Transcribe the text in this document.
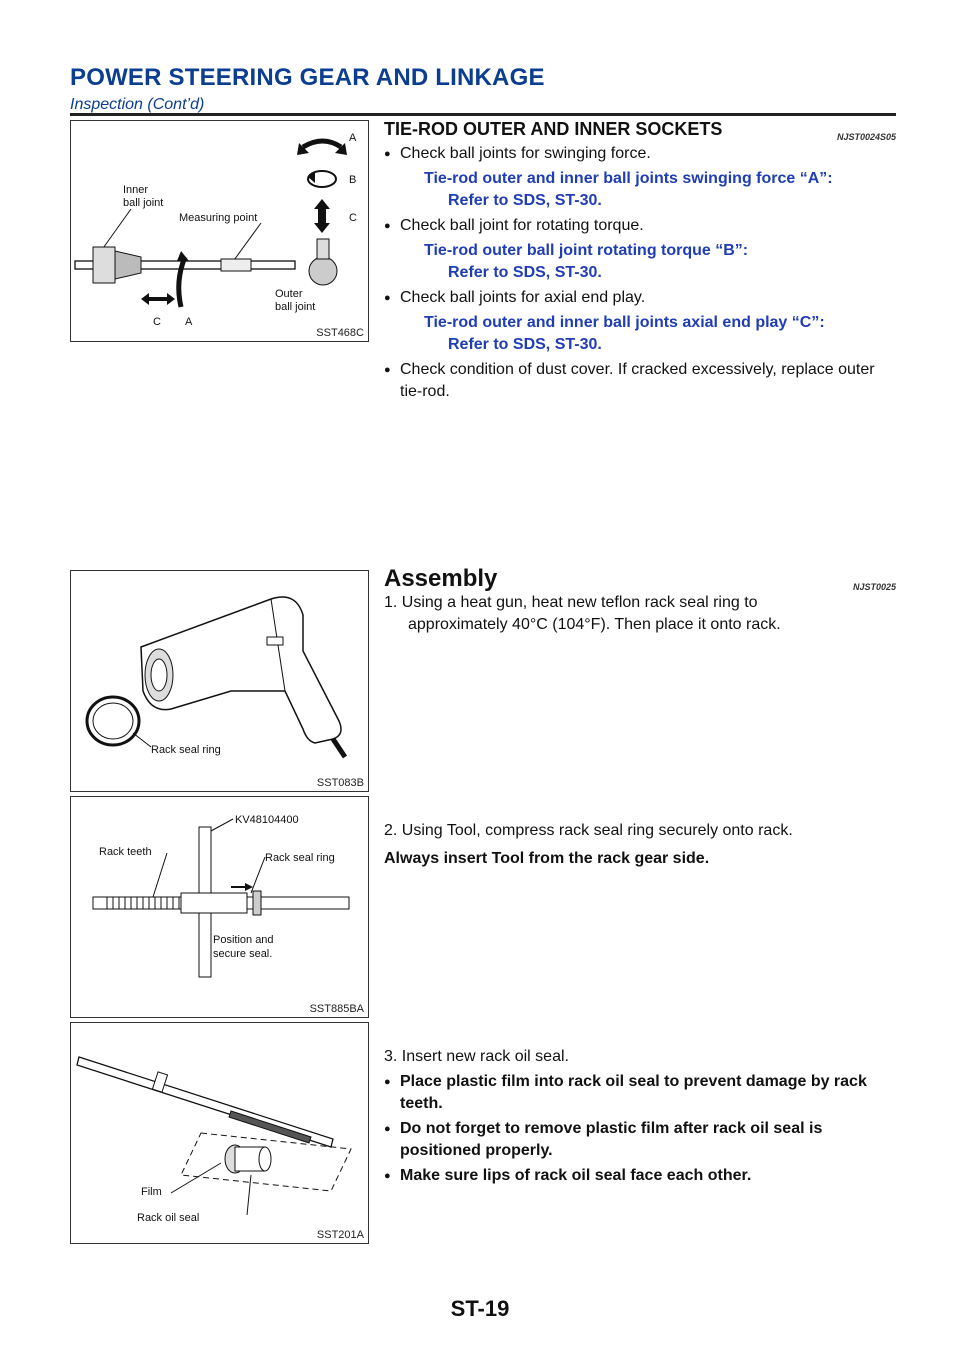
POWER STEERING GEAR AND LINKAGE
Inspection (Cont’d)
A
B
C
Inner
ball joint
Measuring point
C A
Outer
ball joint
SST468C
TIE-ROD OUTER AND INNER SOCKETS	NJST0024S05
● Check ball joints for swinging force.
Tie-rod outer and inner ball joints swinging force “A”:
Refer to SDS, ST-30.
● Check ball joint for rotating torque.
Tie-rod outer ball joint rotating torque “B”:
Refer to SDS, ST-30.
● Check ball joints for axial end play.
Tie-rod outer and inner ball joints axial end play “C”:
Refer to SDS, ST-30.
● Check condition of dust cover. If cracked excessively, replace outer tie-rod.
Rack seal ring
SST083B
Assembly	NJST0025
1. Using a heat gun, heat new teflon rack seal ring to approximately 40°C (104°F). Then place it onto rack.
KV48104400
Rack teeth	Rack seal ring
Position and
secure seal.
SST885BA
2. Using Tool, compress rack seal ring securely onto rack.
Always insert Tool from the rack gear side.
Film
Rack oil seal
SST201A
3. Insert new rack oil seal.
● Place plastic film into rack oil seal to prevent damage by rack teeth.
● Do not forget to remove plastic film after rack oil seal is positioned properly.
● Make sure lips of rack oil seal face each other.
ST-19
